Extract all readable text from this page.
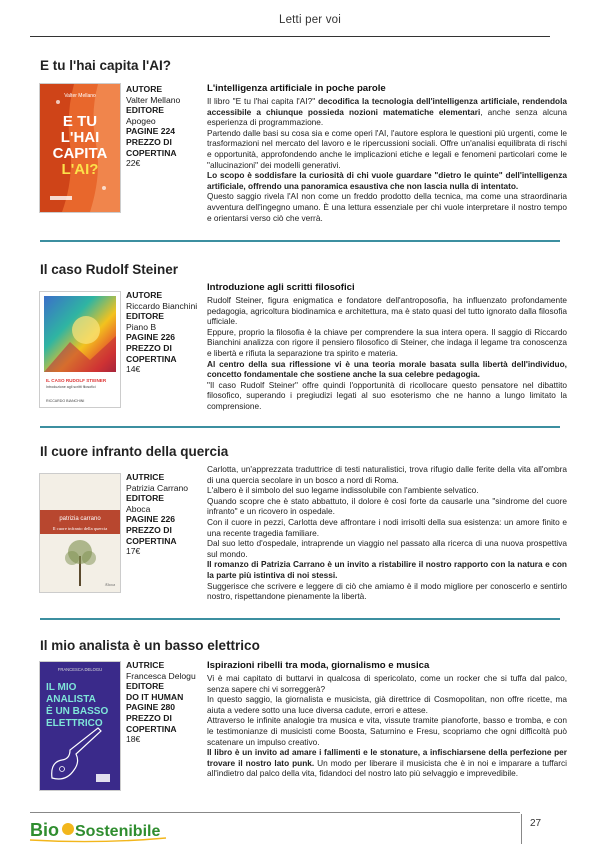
Letti per voi
E tu l'hai capita l'AI?
Valter Mellano
E TU
L'HAI
CAPITA
L'AI?
AUTORE
Valter Mellano
EDITORE
Apogeo
PAGINE 224
PREZZO DI COPERTINA
22€
L'intelligenza artificiale in poche parole

Il libro "E tu l'hai capita l'AI?" decodifica la tecnologia dell'intelligenza artificiale, rendendola accessibile a chiunque possieda nozioni matematiche elementari, anche senza alcuna esperienza di programmazione.

Partendo dalle basi su cosa sia e come operi l'AI, l'autore esplora le questioni più urgenti, come le trasformazioni nel mercato del lavoro e le ripercussioni sociali. Offre un'analisi equilibrata di rischi e opportunità, approfondendo anche le implicazioni etiche e legali e fenomeni particolari come le "allucinazioni" dei modelli generativi.

Lo scopo è soddisfare la curiosità di chi vuole guardare "dietro le quinte" dell'intelligenza artificiale, offrendo una panoramica esaustiva che non lascia nulla di intentato.

Questo saggio rivela l'AI non come un freddo prodotto della tecnica, ma come una straordinaria avventura dell'ingegno umano. È una lettura essenziale per chi vuole interpretare il nostro tempo e orientarsi verso ciò che verrà.

Il caso Rudolf Steiner
IL CASO RUDOLF STEINER
Introduzione agli scritti filosofici
RICCARDO BIANCHINI
AUTORE
Riccardo Bianchini
EDITORE
Piano B
PAGINE 226
PREZZO DI COPERTINA
14€
Introduzione agli scritti filosofici

Rudolf Steiner, figura enigmatica e fondatore dell'antroposofia, ha influenzato profondamente pedagogia, agricoltura biodinamica e architettura, ma è stato quasi del tutto ignorato dalla filosofia ufficiale.

Eppure, proprio la filosofia è la chiave per comprendere la sua intera opera. Il saggio di Riccardo Bianchini analizza con rigore il pensiero filosofico di Steiner, che indaga il legame tra conoscenza e libertà e rifiuta la separazione tra spirito e materia.

Al centro della sua riflessione vi è una teoria morale basata sulla libertà dell'individuo, concetto fondamentale che sostiene anche la sua celebre pedagogia.

"Il caso Rudolf Steiner" offre quindi l'opportunità di ricollocare questo pensatore nel dibattito filosofico, superando i pregiudizi legati al suo esoterismo che ne hanno a lungo limitato la comprensione.

Il cuore infranto della quercia
patrizia carrano
Il cuore infranto della quercia
Aboca
AUTRICE
Patrizia Carrano
EDITORE
Aboca
PAGINE 226
PREZZO DI COPERTINA
17€

Carlotta, un'apprezzata traduttrice di testi naturalistici, trova rifugio dalle ferite della vita all'ombra di una quercia secolare in un bosco a nord di Roma.

L'albero è il simbolo del suo legame indissolubile con l'ambiente selvatico.

Quando scopre che è stato abbattuto, il dolore è così forte da causarle una "sindrome del cuore infranto" e un ricovero in ospedale.

Con il cuore in pezzi, Carlotta deve affrontare i nodi irrisolti della sua esistenza: un amore finito e una recente tragedia familiare.

Dal suo letto d'ospedale, intraprende un viaggio nel passato alla ricerca di una nuova prospettiva sul mondo.

Il romanzo di Patrizia Carrano è un invito a ristabilire il nostro rapporto con la natura e con la parte più istintiva di noi stessi.

Suggerisce che scrivere e leggere di ciò che amiamo è il modo migliore per conoscerlo e sentirlo nostro, rispettandone pienamente la libertà.

Il mio analista è un basso elettrico
FRANCESCA DELOGU
IL MIO
ANALISTA
È UN BASSO
ELETTRICO
AUTRICE
Francesca Delogu
EDITORE
DO IT HUMAN
PAGINE 280
PREZZO DI COPERTINA
18€
Ispirazioni ribelli tra moda, giornalismo e musica

Vi è mai capitato di buttarvi in qualcosa di spericolato, come un rocker che si tuffa dal palco, senza sapere chi vi sorreggerà?

In questo saggio, la giornalista e musicista, già direttrice di Cosmopolitan, non offre ricette, ma aiuta a vedere sotto una luce diversa cadute, errori e attese.

Attraverso le infinite analogie tra musica e vita, vissute tramite pianoforte, basso e tromba, e con le testimonianze di musicisti come Boosta, Saturnino e Fresu, scopriamo che ogni difficoltà può scatenare un impulso creativo.

Il libro è un invito ad amare i fallimenti e le stonature, a infischiarsene della perfezione per trovare il nostro lato punk. Un modo per liberare il musicista che è in noi e imparare a tuffarci all'indietro dal palco della vita, fidandoci del nostro lato più selvaggio e imprevedibile.

Bio Sostenibile	27
